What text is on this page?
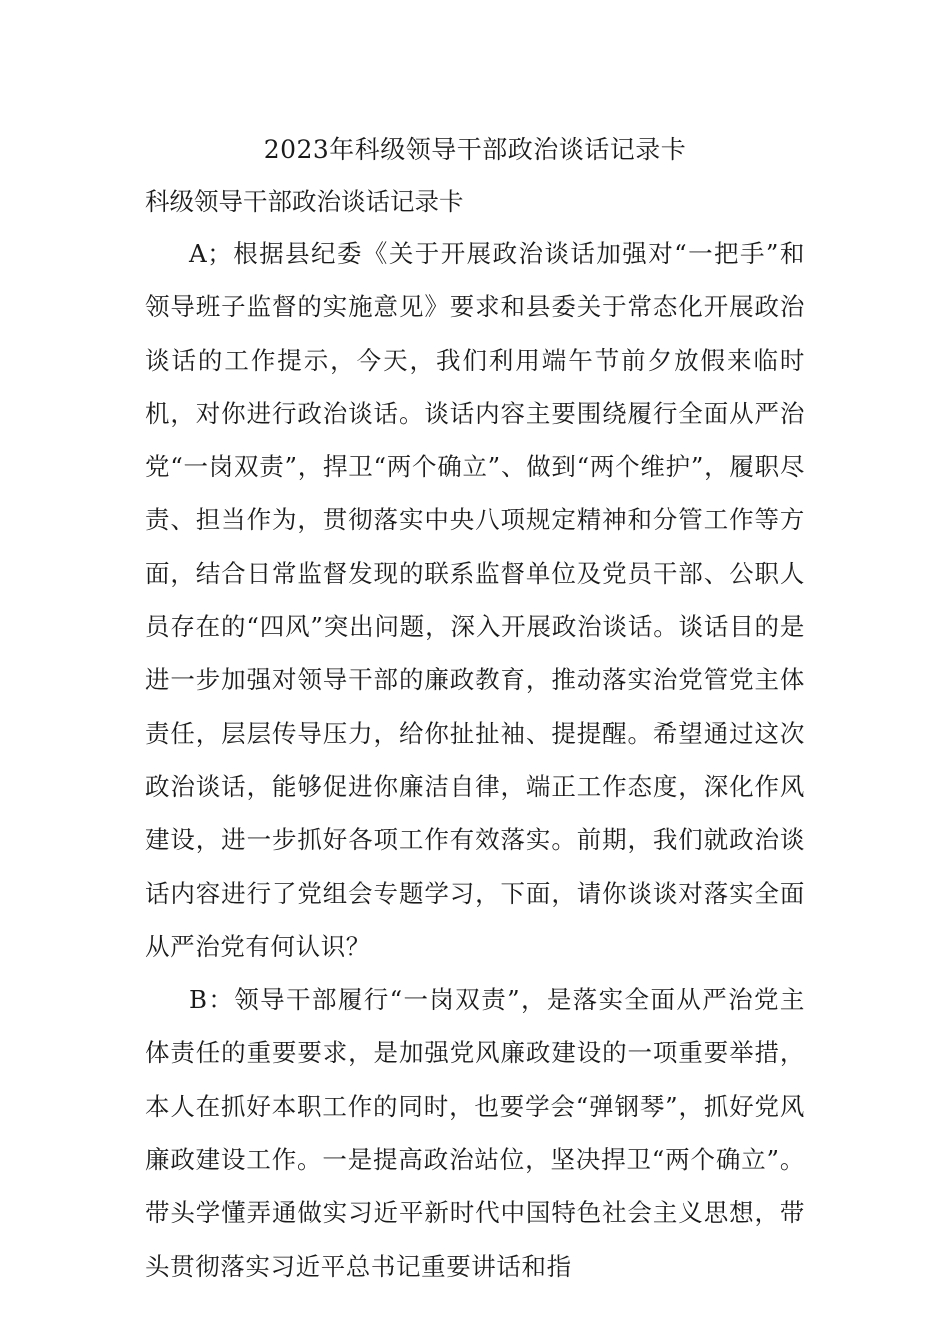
2023年科级领导干部政治谈话记录卡
科级领导干部政治谈话记录卡

A；根据县纪委《关于开展政治谈话加强对“一把手”和领导班子监督的实施意见》要求和县委关于常态化开展政治谈话的工作提示，今天，我们利用端午节前夕放假来临时机，对你进行政治谈话。谈话内容主要围绕履行全面从严治党“一岗双责”，捍卫“两个确立”、做到“两个维护”，履职尽责、担当作为，贯彻落实中央八项规定精神和分管工作等方面，结合日常监督发现的联系监督单位及党员干部、公职人员存在的“四风”突出问题，深入开展政治谈话。谈话目的是进一步加强对领导干部的廉政教育，推动落实治党管党主体责任，层层传导压力，给你扯扯袖、提提醒。希望通过这次政治谈话，能够促进你廉洁自律，端正工作态度，深化作风建设，进一步抓好各项工作有效落实。前期，我们就政治谈话内容进行了党组会专题学习，下面，请你谈谈对落实全面从严治党有何认识？

B：领导干部履行“一岗双责”，是落实全面从严治党主体责任的重要要求，是加强党风廉政建设的一项重要举措，本人在抓好本职工作的同时，也要学会“弹钢琴”，抓好党风廉政建设工作。一是提高政治站位，坚决捍卫“两个确立”。带头学懂弄通做实习近平新时代中国特色社会主义思想，带头贯彻落实习近平总书记重要讲话和指
